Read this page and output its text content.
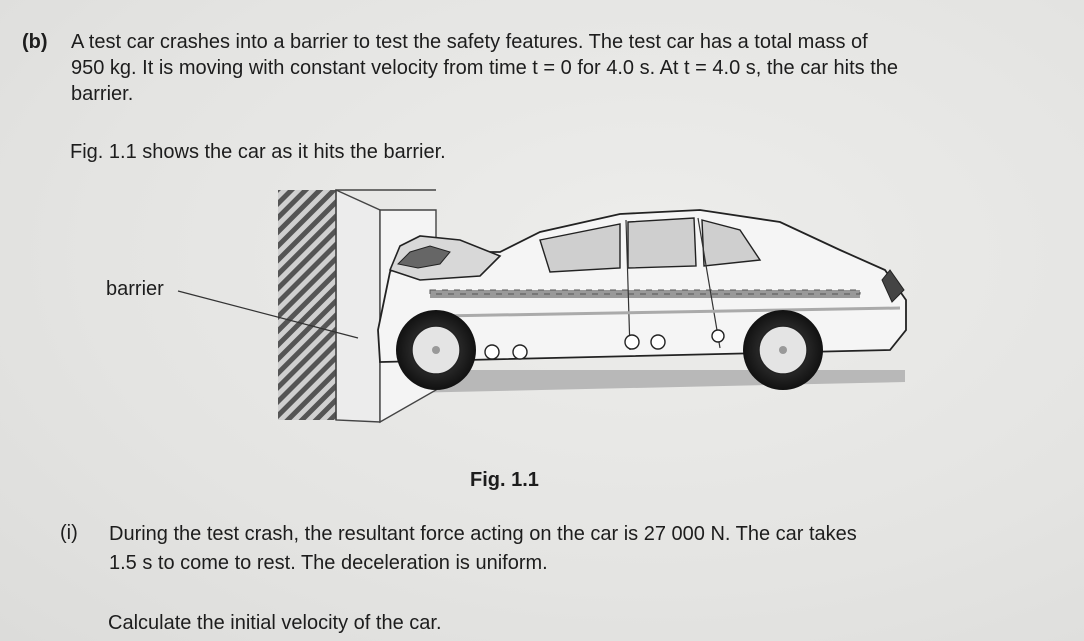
(b) A test car crashes into a barrier to test the safety features. The test car has a total mass of
950 kg. It is moving with constant velocity from time t = 0 for 4.0 s. At t = 4.0 s, the car hits the
barrier.
Fig. 1.1 shows the car as it hits the barrier.
barrier
Fig. 1.1
(i) During the test crash, the resultant force acting on the car is 27 000 N. The car takes
1.5 s to come to rest. The deceleration is uniform.
Calculate the initial velocity of the car.
